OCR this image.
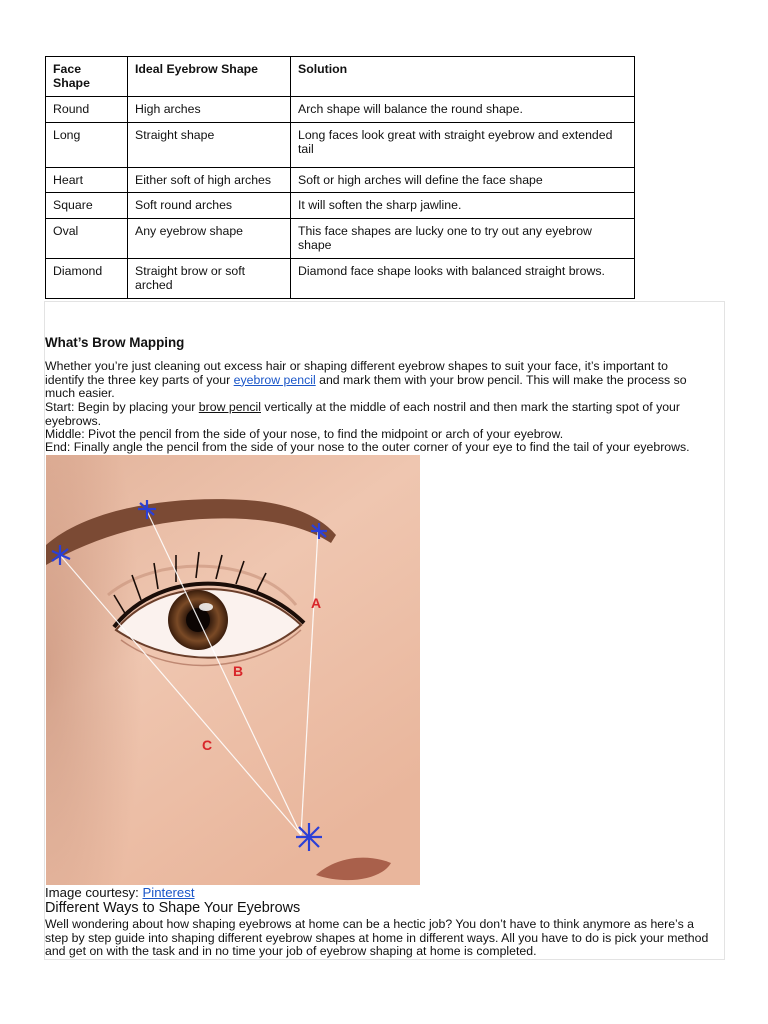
Face Shape	Ideal Eyebrow Shape	Solution
Round	High arches	Arch shape will balance the round shape.
Long	Straight shape	Long faces look great with straight eyebrow and extended tail
Heart	Either soft of high arches	Soft or high arches will define the face shape
Square	Soft round arches	It will soften the sharp jawline.
Oval	Any eyebrow shape	This face shapes are lucky one to try out any eyebrow shape
Diamond	Straight brow or soft arched	Diamond face shape looks with balanced straight brows.
What’s Brow Mapping

Whether you’re just cleaning out excess hair or shaping different eyebrow shapes to suit your face, it’s important to identify the three key parts of your eyebrow pencil and mark them with your brow pencil. This will make the process so much easier.

Start: Begin by placing your brow pencil vertically at the middle of each nostril and then mark the starting spot of your eyebrows.

Middle: Pivot the pencil from the side of your nose, to find the midpoint or arch of your eyebrow.

End: Finally angle the pencil from the side of your nose to the outer corner of your eye to find the tail of your eyebrows.

A
B
C
Image courtesy: Pinterest
Different Ways to Shape Your Eyebrows

Well wondering about how shaping eyebrows at home can be a hectic job? You don’t have to think anymore as here’s a step by step guide into shaping different eyebrow shapes at home in different ways. All you have to do is pick your method and get on with the task and in no time your job of eyebrow shaping at home is completed.
